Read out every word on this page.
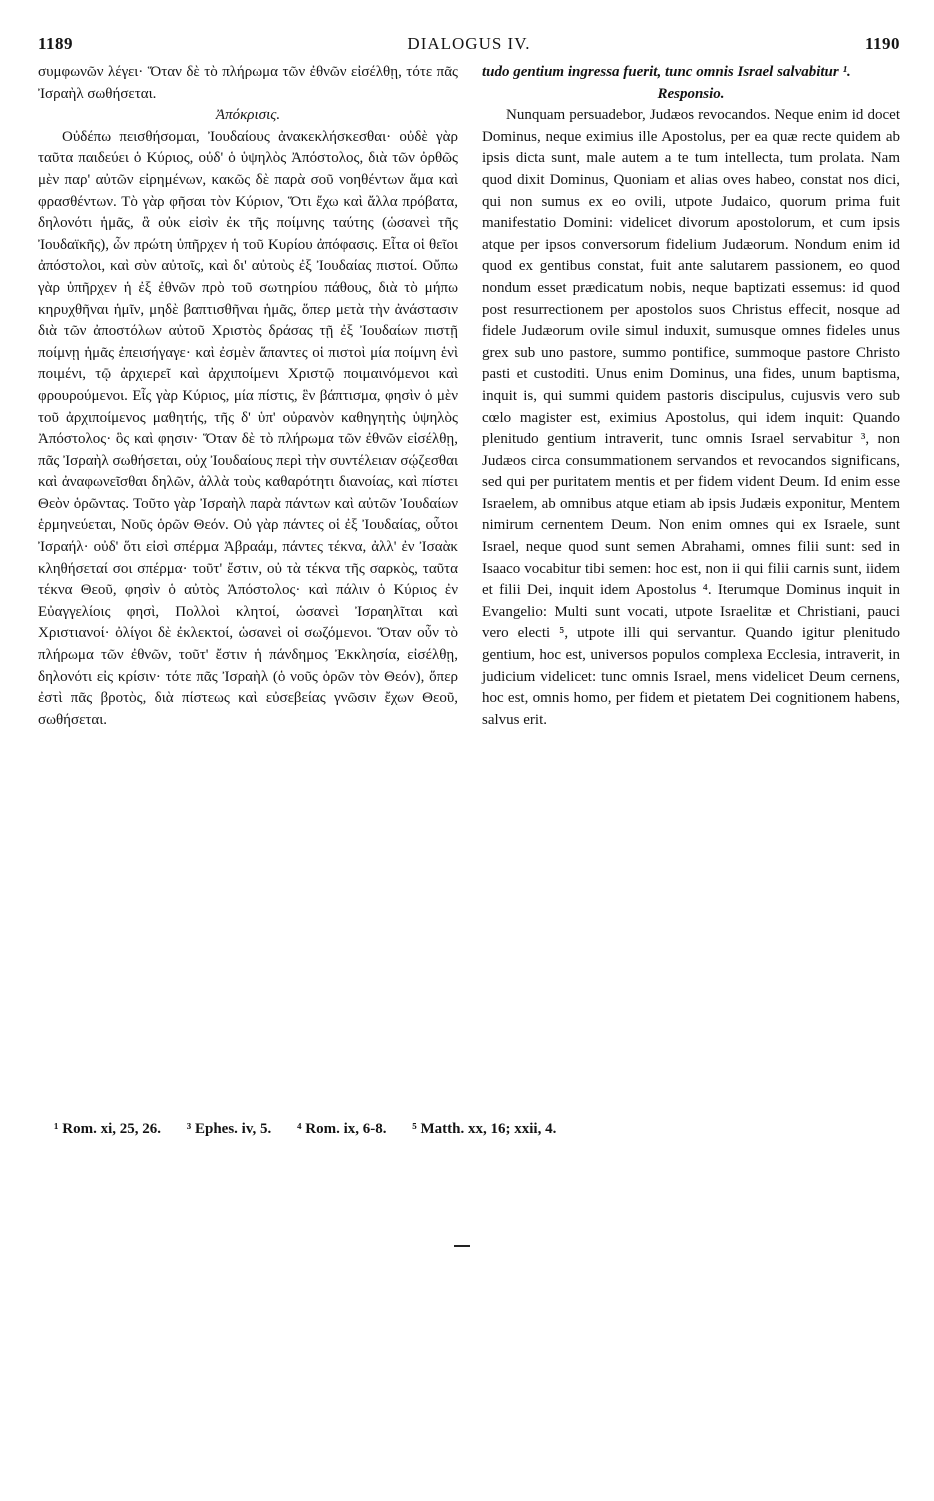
1189	DIALOGUS IV.	1190

συμφωνῶν λέγει· Ὅταν δὲ τὸ πλήρωμα τῶν ἐθνῶν εἰσέλθῃ, τότε πᾶς Ἰσραὴλ σωθήσεται.

Ἀπόκρισις.

Οὐδέπω πεισθήσομαι, Ἰουδαίους ἀνακεκλήσκεσθαι· οὐδὲ γὰρ ταῦτα παιδεύει ὁ Κύριος, οὐδ' ὁ ὑψηλὸς Ἀπόστολος, διὰ τῶν ὀρθῶς μὲν παρ' αὐτῶν εἰρημένων, κακῶς δὲ παρὰ σοῦ νοηθέντων ἅμα καὶ φρασθέντων. Τὸ γὰρ φῆσαι τὸν Κύριον, Ὅτι ἔχω καὶ ἄλλα πρόβατα, δηλονότι ἡμᾶς, ἃ οὐκ εἰσὶν ἐκ τῆς ποίμνης ταύτης (ὡσανεὶ τῆς Ἰουδαϊκῆς), ὧν πρώτη ὑπῆρχεν ἡ τοῦ Κυρίου ἀπόφασις. Εἶτα οἱ θεῖοι ἀπόστολοι, καὶ σὺν αὐτοῖς, καὶ δι' αὐτοὺς ἐξ Ἰουδαίας πιστοί. Οὔπω γὰρ ὑπῆρχεν ἡ ἐξ ἐθνῶν πρὸ τοῦ σωτηρίου πάθους, διὰ τὸ μήπω κηρυχθῆναι ἡμῖν, μηδὲ βαπτισθῆναι ἡμᾶς, ὅπερ μετὰ τὴν ἀνάστασιν διὰ τῶν ἀποστόλων αὐτοῦ Χριστὸς δράσας τῇ ἐξ Ἰουδαίων πιστῇ ποίμνῃ ἡμᾶς ἐπεισήγαγε· καὶ ἐσμὲν ἅπαντες οἱ πιστοὶ μία ποίμνη ἑνὶ ποιμένι, τῷ ἀρχιερεῖ καὶ ἀρχιποίμενι Χριστῷ ποιμαινόμενοι καὶ φρουρούμενοι. Εἷς γὰρ Κύριος, μία πίστις, ἓν βάπτισμα, φησὶν ὁ μὲν τοῦ ἀρχιποίμενος μαθητής, τῆς δ' ὑπ' οὐρανὸν καθηγητὴς ὑψηλὸς Ἀπόστολος· ὃς καὶ φησιν· Ὅταν δὲ τὸ πλήρωμα τῶν ἐθνῶν εἰσέλθῃ, πᾶς Ἰσραὴλ σωθήσεται, οὐχ Ἰουδαίους περὶ τὴν συντέλειαν σῴζεσθαι καὶ ἀναφωνεῖσθαι δηλῶν, ἀλλὰ τοὺς καθαρότητι διανοίας, καὶ πίστει Θεὸν ὁρῶντας. Τοῦτο γὰρ Ἰσραὴλ παρὰ πάντων καὶ αὐτῶν Ἰουδαίων ἑρμηνεύεται, Νοῦς ὁρῶν Θεόν. Οὐ γὰρ πάντες οἱ ἐξ Ἰουδαίας, οὗτοι Ἰσραήλ· οὐδ' ὅτι εἰσὶ σπέρμα Ἀβραάμ, πάντες τέκνα, ἀλλ' ἐν Ἰσαὰκ κληθήσεταί σοι σπέρμα· τοῦτ' ἔστιν, οὐ τὰ τέκνα τῆς σαρκὸς, ταῦτα τέκνα Θεοῦ, φησὶν ὁ αὐτὸς Ἀπόστολος· καὶ πάλιν ὁ Κύριος ἐν Εὐαγγελίοις φησὶ, Πολλοὶ κλητοί, ὡσανεὶ Ἰσραηλῖται καὶ Χριστιανοί· ὀλίγοι δὲ ἐκλεκτοί, ὡσανεὶ οἱ σωζόμενοι. Ὅταν οὖν τὸ πλήρωμα τῶν ἐθνῶν, τοῦτ' ἔστιν ἡ πάνδημος Ἐκκλησία, εἰσέλθῃ, δηλονότι εἰς κρίσιν· τότε πᾶς Ἰσραὴλ (ὁ νοῦς ὁρῶν τὸν Θεόν), ὅπερ ἐστὶ πᾶς βροτὸς, διὰ πίστεως καὶ εὐσεβείας γνῶσιν ἔχων Θεοῦ, σωθήσεται.

tudo gentium ingressa fuerit, tunc omnis Israel salvabitur ¹.

Responsio.

Nunquam persuadebor, Judæos revocandos. Neque enim id docet Dominus, neque eximius ille Apostolus, per ea quæ recte quidem ab ipsis dicta sunt, male autem a te tum intellecta, tum prolata. Nam quod dixit Dominus, Quoniam et alias oves habeo, constat nos dici, qui non sumus ex eo ovili, utpote Judaico, quorum prima fuit manifestatio Domini: videlicet divorum apostolorum, et cum ipsis atque per ipsos conversorum fidelium Judæorum. Nondum enim id quod ex gentibus constat, fuit ante salutarem passionem, eo quod nondum esset prædicatum nobis, neque baptizati essemus: id quod post resurrectionem per apostolos suos Christus effecit, nosque ad fidele Judæorum ovile simul induxit, sumusque omnes fideles unus grex sub uno pastore, summo pontifice, summoque pastore Christo pasti et custoditi. Unus enim Dominus, una fides, unum baptisma, inquit is, qui summi quidem pastoris discipulus, cujusvis vero sub cœlo magister est, eximius Apostolus, qui idem inquit: Quando plenitudo gentium intraverit, tunc omnis Israel servabitur ³, non Judæos circa consummationem servandos et revocandos significans, sed qui per puritatem mentis et per fidem vident Deum. Id enim esse Israelem, ab omnibus atque etiam ab ipsis Judæis exponitur, Mentem nimirum cernentem Deum. Non enim omnes qui ex Israele, sunt Israel, neque quod sunt semen Abrahami, omnes filii sunt: sed in Isaaco vocabitur tibi semen: hoc est, non ii qui filii carnis sunt, iidem et filii Dei, inquit idem Apostolus ⁴. Iterumque Dominus inquit in Evangelio: Multi sunt vocati, utpote Israelitæ et Christiani, pauci vero electi ⁵, utpote illi qui servantur. Quando igitur plenitudo gentium, hoc est, universos populos complexa Ecclesia, intraverit, in judicium videlicet: tunc omnis Israel, mens videlicet Deum cernens, hoc est, omnis homo, per fidem et pietatem Dei cognitionem habens, salvus erit.

¹ Rom. xi, 25, 26. ³ Ephes. iv, 5. ⁴ Rom. ix, 6-8. ⁵ Matth. xx, 16; xxii, 4.
